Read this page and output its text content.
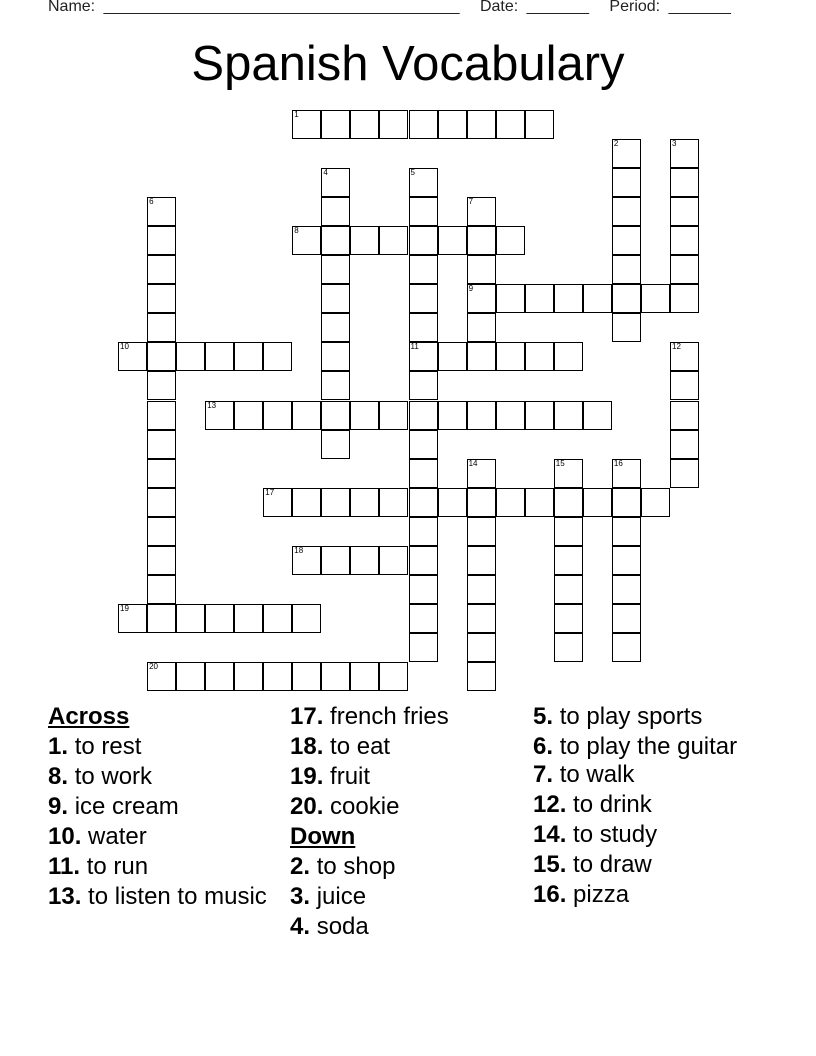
Name: ________________________________________ Date: _______ Period: _______
Spanish Vocabulary
1
2	3
4	5
11
6	7
9
8
10	12
13
14	15	16
17
18
19
20
Across
1. to rest
8. to work
9. ice cream
10. water
11. to run
13. to listen to music
17. french fries
18. to eat
19. fruit
20. cookie
Down
2. to shop
3. juice
4. soda
5. to play sports
6. to play the guitar
7. to walk
12. to drink
14. to study
15. to draw
16. pizza
